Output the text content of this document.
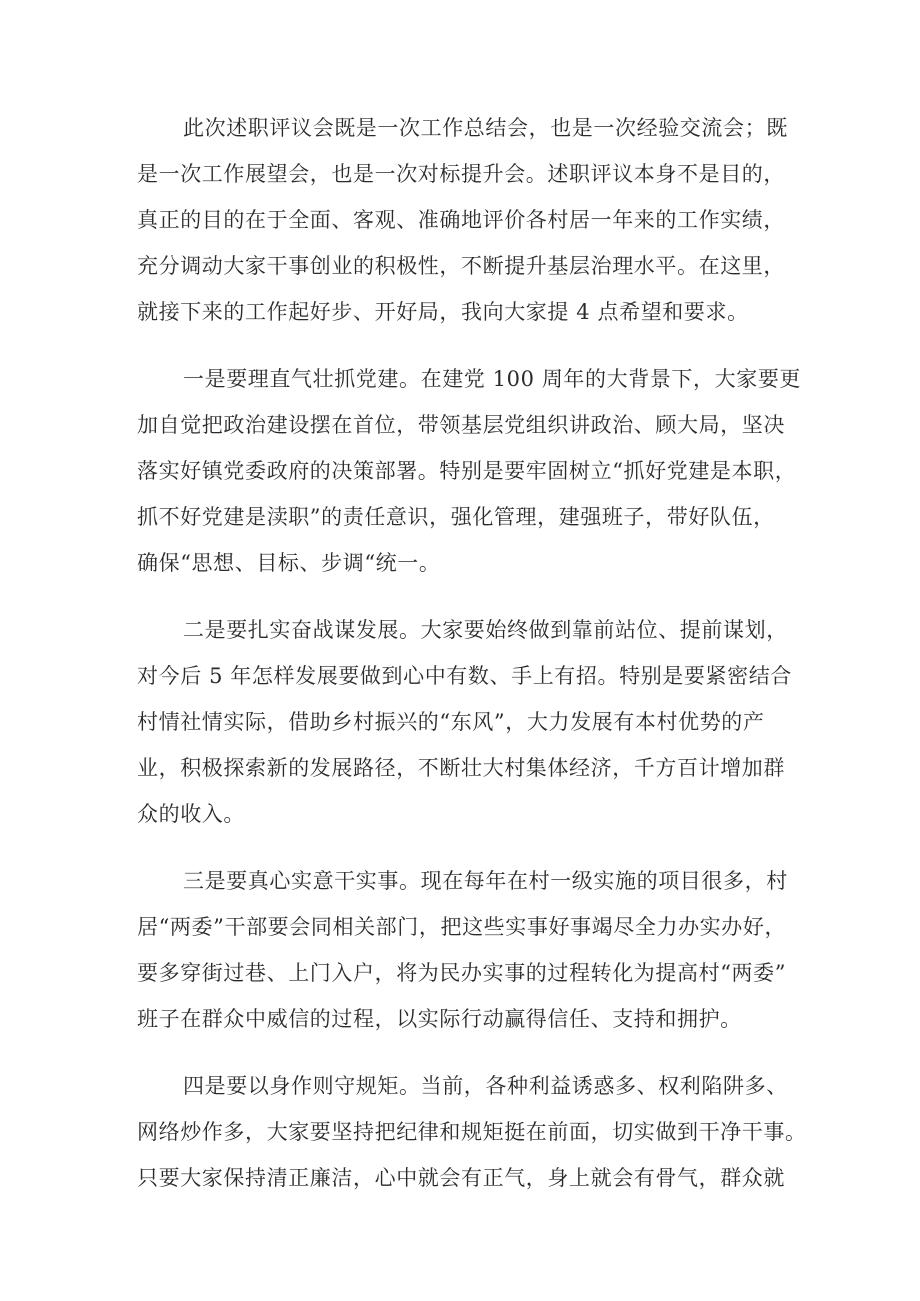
此次述职评议会既是一次工作总结会，也是一次经验交流会；既
是一次工作展望会，也是一次对标提升会。述职评议本身不是目的，
真正的目的在于全面、客观、准确地评价各村居一年来的工作实绩，
充分调动大家干事创业的积极性，不断提升基层治理水平。在这里，
就接下来的工作起好步、开好局，我向大家提 4 点希望和要求。
一是要理直气壮抓党建。在建党 100 周年的大背景下，大家要更
加自觉把政治建设摆在首位，带领基层党组织讲政治、顾大局，坚决
落实好镇党委政府的决策部署。特别是要牢固树立“抓好党建是本职，
抓不好党建是渎职”的责任意识，强化管理，建强班子，带好队伍，
确保“思想、目标、步调“统一。
二是要扎实奋战谋发展。大家要始终做到靠前站位、提前谋划，
对今后 5 年怎样发展要做到心中有数、手上有招。特别是要紧密结合
村情社情实际，借助乡村振兴的“东风”，大力发展有本村优势的产
业，积极探索新的发展路径，不断壮大村集体经济，千方百计增加群
众的收入。
三是要真心实意干实事。现在每年在村一级实施的项目很多，村
居“两委”干部要会同相关部门，把这些实事好事竭尽全力办实办好，
要多穿街过巷、上门入户，将为民办实事的过程转化为提高村“两委”
班子在群众中威信的过程，以实际行动赢得信任、支持和拥护。
四是要以身作则守规矩。当前，各种利益诱惑多、权利陷阱多、
网络炒作多，大家要坚持把纪律和规矩挺在前面，切实做到干净干事。
只要大家保持清正廉洁，心中就会有正气，身上就会有骨气，群众就
